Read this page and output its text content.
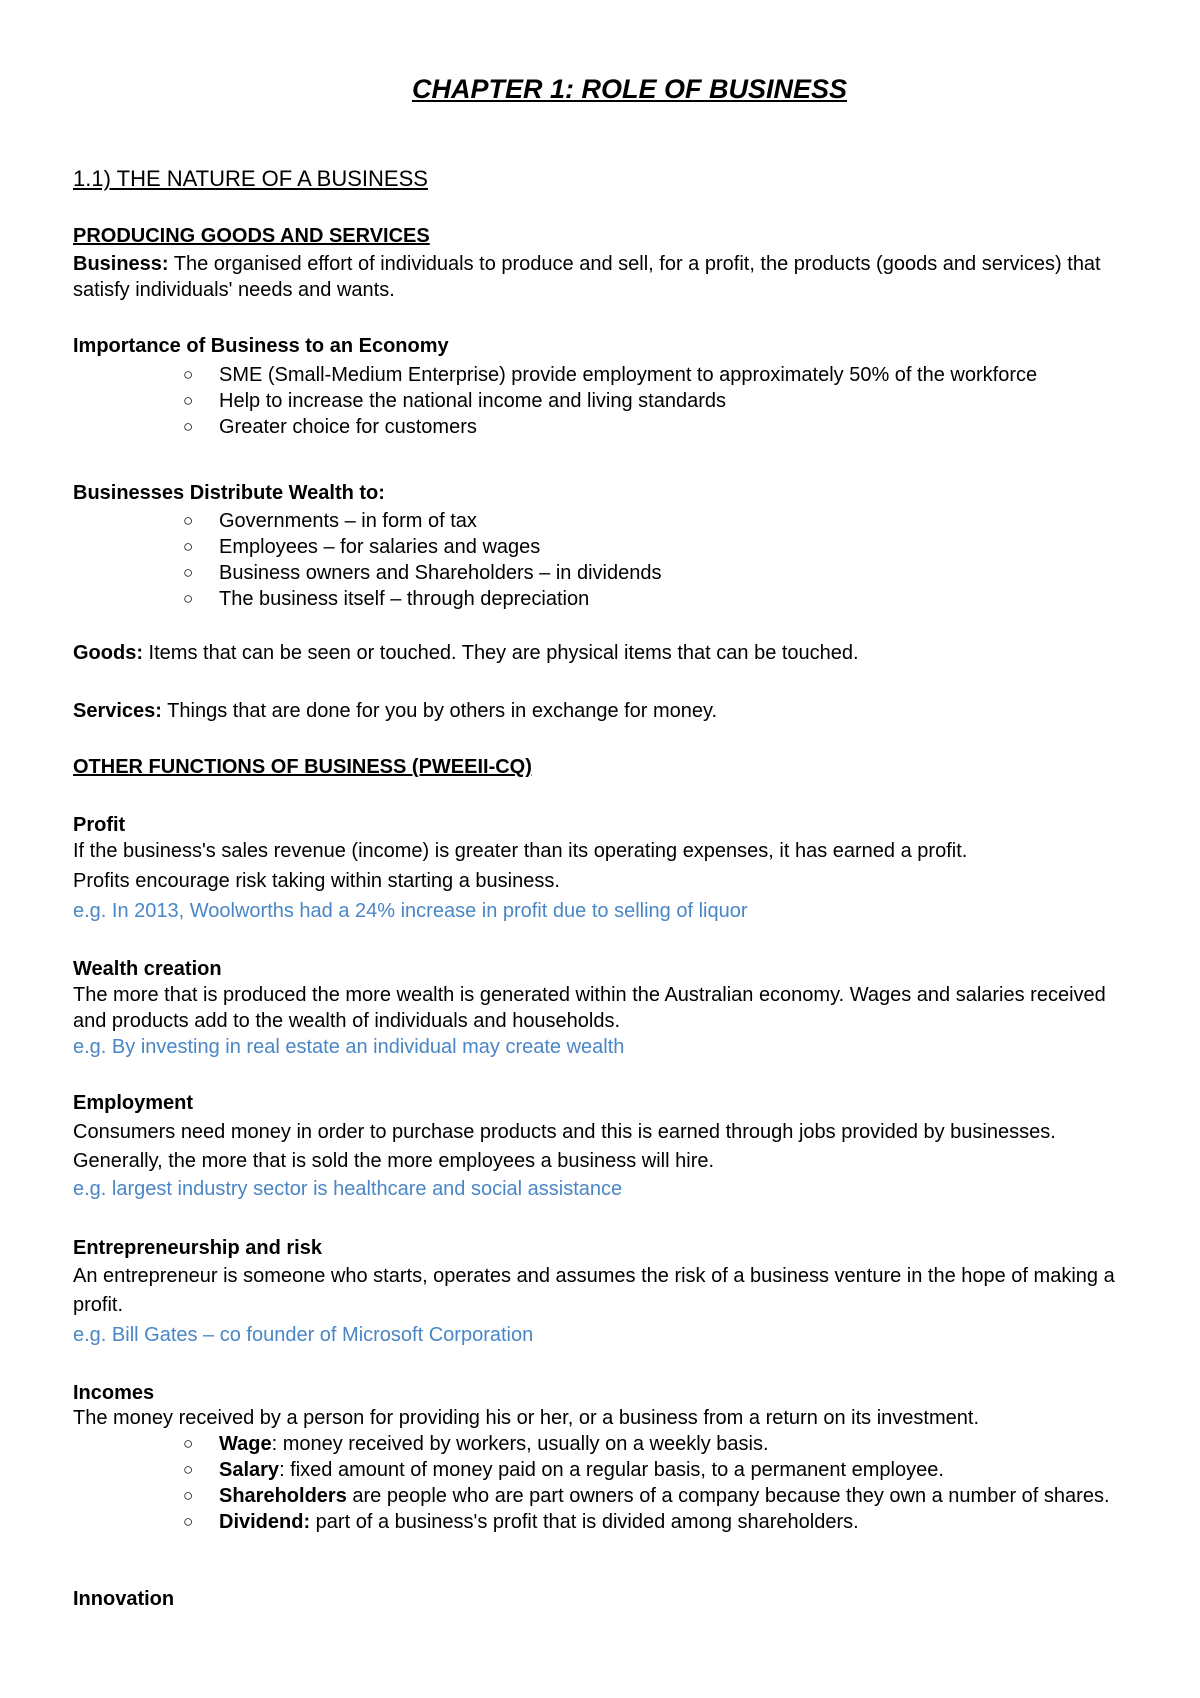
CHAPTER 1: ROLE OF BUSINESS
1.1) THE NATURE OF A BUSINESS
PRODUCING GOODS AND SERVICES
Business: The organised effort of individuals to produce and sell, for a profit, the products (goods and services) that satisfy individuals' needs and wants.
Importance of Business to an Economy
○ SME (Small-Medium Enterprise) provide employment to approximately 50% of the workforce
○ Help to increase the national income and living standards
○ Greater choice for customers
Businesses Distribute Wealth to:
○ Governments – in form of tax
○ Employees – for salaries and wages
○ Business owners and Shareholders – in dividends
○ The business itself – through depreciation
Goods: Items that can be seen or touched. They are physical items that can be touched.
Services: Things that are done for you by others in exchange for money.
OTHER FUNCTIONS OF BUSINESS (PWEEII-CQ)
Profit
If the business's sales revenue (income) is greater than its operating expenses, it has earned a profit.
Profits encourage risk taking within starting a business.
e.g. In 2013, Woolworths had a 24% increase in profit due to selling of liquor
Wealth creation
The more that is produced the more wealth is generated within the Australian economy. Wages and salaries received and products add to the wealth of individuals and households.
e.g. By investing in real estate an individual may create wealth
Employment
Consumers need money in order to purchase products and this is earned through jobs provided by businesses. Generally, the more that is sold the more employees a business will hire.
e.g. largest industry sector is healthcare and social assistance
Entrepreneurship and risk
An entrepreneur is someone who starts, operates and assumes the risk of a business venture in the hope of making a profit.
e.g. Bill Gates – co founder of Microsoft Corporation
Incomes
The money received by a person for providing his or her, or a business from a return on its investment.
○ Wage: money received by workers, usually on a weekly basis.
○ Salary: fixed amount of money paid on a regular basis, to a permanent employee.
○ Shareholders are people who are part owners of a company because they own a number of shares.
○ Dividend: part of a business's profit that is divided among shareholders.
Innovation
